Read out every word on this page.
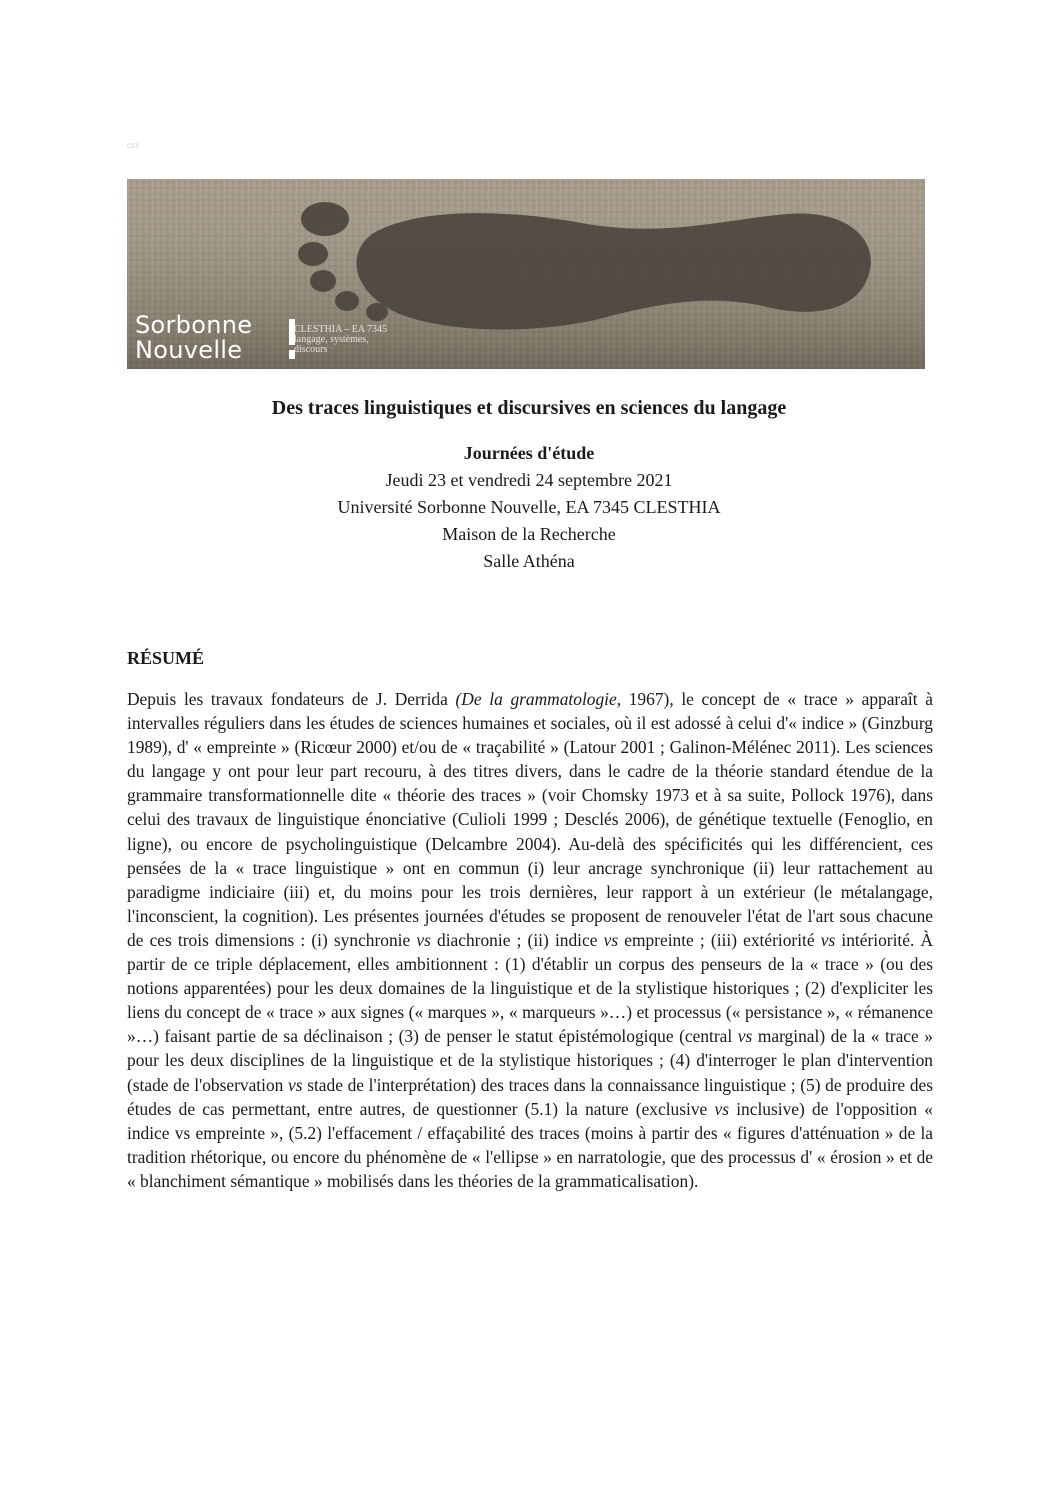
CES
Sorbonne
Nouvelle
CLESTHIA – EA 7345
langage, systèmes,
discours
Des traces linguistiques et discursives en sciences du langage
Journées d'étude
Jeudi 23 et vendredi 24 septembre 2021
Université Sorbonne Nouvelle, EA 7345 CLESTHIA
Maison de la Recherche
Salle Athéna
RÉSUMÉ
Depuis les travaux fondateurs de J. Derrida (De la grammatologie, 1967), le concept de « trace » apparaît à intervalles réguliers dans les études de sciences humaines et sociales, où il est adossé à celui d'« indice » (Ginzburg 1989), d' « empreinte » (Ricœur 2000) et/ou de « traçabilité » (Latour 2001 ; Galinon-Mélénec 2011). Les sciences du langage y ont pour leur part recouru, à des titres divers, dans le cadre de la théorie standard étendue de la grammaire transformationnelle dite « théorie des traces » (voir Chomsky 1973 et à sa suite, Pollock 1976), dans celui des travaux de linguistique énonciative (Culioli 1999 ; Desclés 2006), de génétique textuelle (Fenoglio, en ligne), ou encore de psycholinguistique (Delcambre 2004). Au-delà des spécificités qui les différencient, ces pensées de la « trace linguistique » ont en commun (i) leur ancrage synchronique (ii) leur rattachement au paradigme indiciaire (iii) et, du moins pour les trois dernières, leur rapport à un extérieur (le métalangage, l'inconscient, la cognition). Les présentes journées d'études se proposent de renouveler l'état de l'art sous chacune de ces trois dimensions : (i) synchronie vs diachronie ; (ii) indice vs empreinte ; (iii) extériorité vs intériorité. À partir de ce triple déplacement, elles ambitionnent : (1) d'établir un corpus des penseurs de la « trace » (ou des notions apparentées) pour les deux domaines de la linguistique et de la stylistique historiques ; (2) d'expliciter les liens du concept de « trace » aux signes (« marques », « marqueurs »…) et processus (« persistance », « rémanence »…) faisant partie de sa déclinaison ; (3) de penser le statut épistémologique (central vs marginal) de la « trace » pour les deux disciplines de la linguistique et de la stylistique historiques ; (4) d'interroger le plan d'intervention (stade de l'observation vs stade de l'interprétation) des traces dans la connaissance linguistique ; (5) de produire des études de cas permettant, entre autres, de questionner (5.1) la nature (exclusive vs inclusive) de l'opposition « indice vs empreinte », (5.2) l'effacement / effaçabilité des traces (moins à partir des « figures d'atténuation » de la tradition rhétorique, ou encore du phénomène de « l'ellipse » en narratologie, que des processus d' « érosion » et de « blanchiment sémantique » mobilisés dans les théories de la grammaticalisation).
